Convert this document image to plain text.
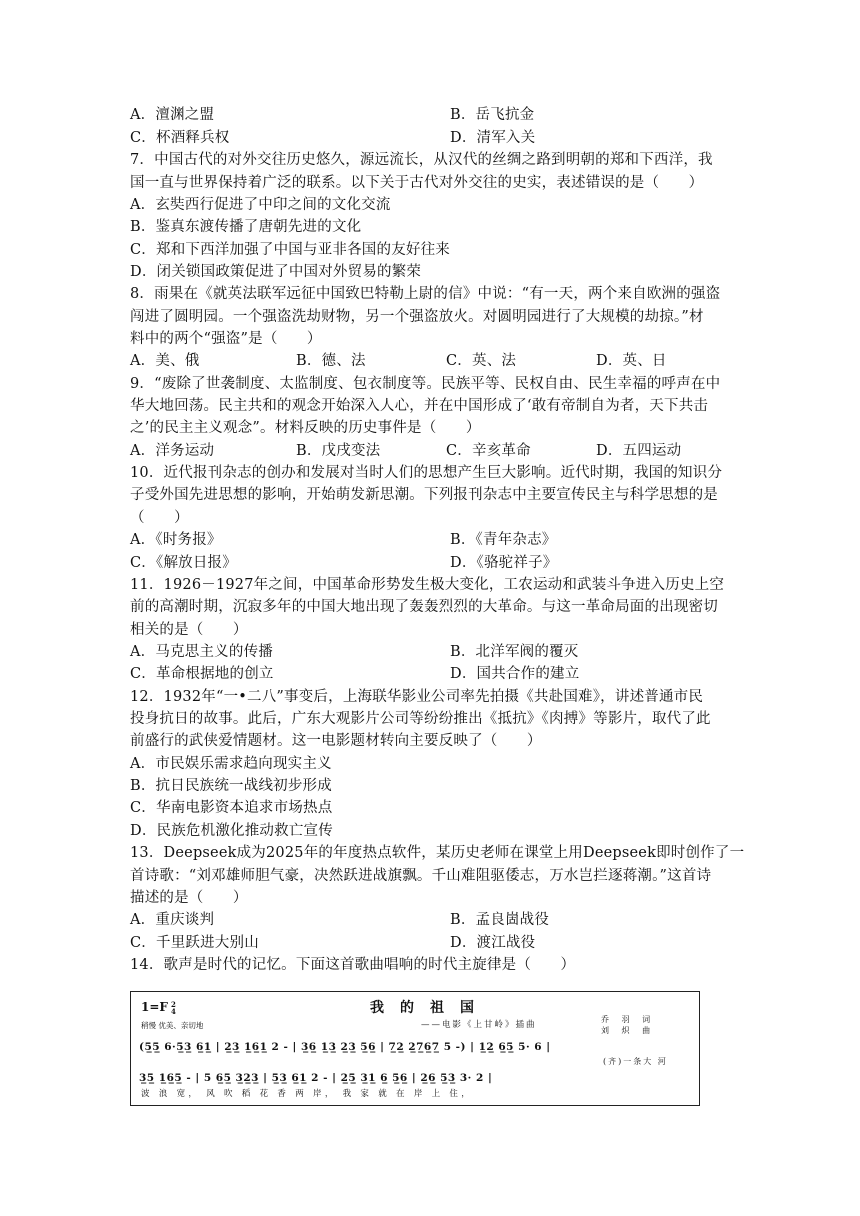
A．澶渊之盟	B．岳飞抗金
C．杯酒释兵权	D．清军入关
7．中国古代的对外交往历史悠久，源远流长，从汉代的丝绸之路到明朝的郑和下西洋，我
国一直与世界保持着广泛的联系。以下关于古代对外交往的史实，表述错误的是（　　）
A．玄奘西行促进了中印之间的文化交流
B．鉴真东渡传播了唐朝先进的文化
C．郑和下西洋加强了中国与亚非各国的友好往来
D．闭关锁国政策促进了中国对外贸易的繁荣
8．雨果在《就英法联军远征中国致巴特勒上尉的信》中说：“有一天，两个来自欧洲的强盗
闯进了圆明园。一个强盗洗劫财物，另一个强盗放火。对圆明园进行了大规模的劫掠。”材
料中的两个“强盗”是（　　）
A．美、俄	B．德、法	C．英、法	D．英、日
9．“废除了世袭制度、太监制度、包衣制度等。民族平等、民权自由、民生幸福的呼声在中
华大地回荡。民主共和的观念开始深入人心，并在中国形成了‘敢有帝制自为者，天下共击
之’的民主主义观念”。材料反映的历史事件是（　　）
A．洋务运动	B．戊戌变法	C．辛亥革命	D．五四运动
10．近代报刊杂志的创办和发展对当时人们的思想产生巨大影响。近代时期，我国的知识分
子受外国先进思想的影响，开始萌发新思潮。下列报刊杂志中主要宣传民主与科学思想的是
（　　）
A．《时务报》	B．《青年杂志》
C．《解放日报》	D．《骆驼祥子》
11．1926－1927年之间，中国革命形势发生极大变化，工农运动和武装斗争进入历史上空
前的高潮时期，沉寂多年的中国大地出现了轰轰烈烈的大革命。与这一革命局面的出现密切
相关的是（　　）
A．马克思主义的传播	B．北洋军阀的覆灭
C．革命根据地的创立	D．国共合作的建立
12．1932年“一•二八”事变后，上海联华影业公司率先拍摄《共赴国难》，讲述普通市民
投身抗日的故事。此后，广东大观影片公司等纷纷推出《抵抗》《肉搏》等影片，取代了此
前盛行的武侠爱情题材。这一电影题材转向主要反映了（　　）
A．市民娱乐需求趋向现实主义
B．抗日民族统一战线初步形成
C．华南电影资本追求市场热点
D．民族危机激化推动救亡宣传
13．Deepseek成为2025年的年度热点软件，某历史老师在课堂上用Deepseek即时创作了一
首诗歌：“刘邓雄师胆气豪，决然跃进战旗飘。千山难阻驱倭志，万水岂拦逐蒋潮。”这首诗
描述的是（　　）
A．重庆谈判	B．孟良崮战役
C．千里跃进大别山	D．渡江战役
14．歌声是时代的记忆。下面这首歌曲唱响的时代主旋律是（　　）
1=F 2
4
稍慢 优美、亲切地
我的祖国
——电影《上甘岭》插曲
乔 羽 词
刘 炽 曲
(5̲5̲ 6·5̲3̲ 6̲1̲ | 2̲3̲ 1̲6̲1̲ 2 - | 3̲6̲ 1̲3̲ 2̲3̲ 5̲6̲ | 7̲2̲ 2̲7̲6̲7̲ 5 -) | 1̲2̲ 6̲5̲ 5· 6 |
(齐)一条大 河
3̲5̲ 1̲6̲5̲ - | 5 6̲5̲ 3̲2̲3̲ | 5̲3̲ 6̲1̲ 2 - | 2̲5̲ 3̲1̲ 6̲ 5̲6̲ | 2̲6̲ 5̲3̲ 3· 2 |
波 浪 宽， 风 吹 稻 花 香 两 岸， 我 家 就 在 岸 上 住，
